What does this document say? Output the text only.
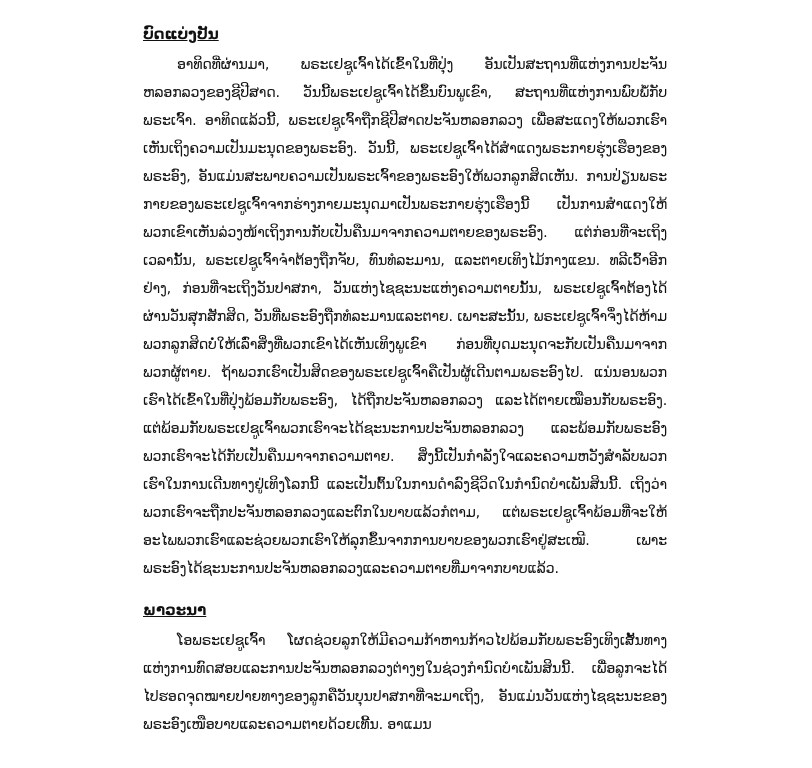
ບົດແບ່ງປັນ

ອາທິດທີ່ຜ່ານມາ, ພຣະເຢຊູເຈົ້າໄດ້ເຂົ້າໃນທີ່ປຸ່ງ ອັນເປັນສະຖານທີ່ແຫ່ງການປະຈັນຫລອກລວງຂອງຊີປີສາດ. ວັນນີ້ພຣະເຢຊູເຈົ້າໄດ້ຂຶ້ນບົນພູເຂົາ, ສະຖານທີ່ແຫ່ງການພົບພໍ້ກັບພຣະເຈົ້າ. ອາທິດແລ້ວນີ້, ພຣະເຢຊູເຈົ້າຖືກຊີປີສາດປະຈັນຫລອກລວງ ເພື່ອສະແດງໃຫ້ພວກເຮົາເຫັນເຖິງຄວາມເປັນມະນຸດຂອງພຣະອົງ. ວັນນີ້, ພຣະເຢຊູເຈົ້າໄດ້ສຳແດງພຣະກາຍຮຸ່ງເຮືອງຂອງພຣະອົງ, ອັນແມ່ນສະພາບຄວາມເປັນພຣະເຈົ້າຂອງພຣະອົງໃຫ້ພວກລູກສິດເຫັນ. ການປ່ຽນພຣະກາຍຂອງພຣະເຢຊູເຈົ້າຈາກຮ່າງກາຍມະນຸດມາເປັນພຣະກາຍຮຸ່ງເຮືອງນີ້ ເປັນການສຳແດງໃຫ້ພວກເຂົາເຫັນລ່ວງໜ້າເຖິງການກັບເປັນຄືນມາຈາກຄວາມຕາຍຂອງພຣະອົງ. ແຕ່ກ່ອນທີ່ຈະເຖິງເວລານັ້ນ, ພຣະເຢຊູເຈົ້າຈຳຕ້ອງຖືກຈັບ, ທົນທໍລະມານ, ແລະຕາຍເທິງໄມ້ກາງແຂນ. ທລີເວົ້າອີກຢ່າງ, ກ່ອນທີ່ຈະເຖິງວັນປາສກາ, ວັນແຫ່ງໄຊຊະນະແຫ່ງຄວາມຕາຍນັ້ນ, ພຣະເຢຊູເຈົ້າຕ້ອງໄດ້ຜ່ານວັນສຸກສັກສິດ, ວັນທີ່ພຣະອົງຖືກທໍລະມານແລະຕາຍ. ເພາະສະນັ້ນ, ພຣະເຢຊູເຈົ້າຈຶ່ງໄດ້ຫ້າມພວກລູກສິດບໍ່ໃຫ້ເລົ່າສິ່ງທີ່ພວກເຂົາໄດ້ເຫັນເທິງພູເຂົາ ກ່ອນທີ່ບຸດມະນຸດຈະກັບເປັນຄືນມາຈາກພວກຜູ້ຕາຍ. ຖ້າພວກເຮົາເປັນສິດຂອງພຣະເຢຊູເຈົ້າຄືເປັນຜູ້ເດີນຕາມພຣະອົງໄປ. ແນ່ນອນພວກເຮົາໄດ້ເຂົ້າໃນທີ່ປຸ່ງພ້ອມກັບພຣະອົງ, ໄດ້ຖືກປະຈັນຫລອກລວງ ແລະໄດ້ຕາຍເໝືອນກັບພຣະອົງ. ແຕ່ພ້ອມກັບພຣະເຢຊູເຈົ້າພວກເຮົາຈະໄດ້ຊະນະການປະຈັນຫລອກລວງ ແລະພ້ອມກັບພຣະອົງພວກເຮົາຈະໄດ້ກັບເປັນຄືນມາຈາກຄວາມຕາຍ. ສິ່ງນີ້ເປັນກຳລັງໃຈແລະຄວາມຫວັງສຳລັບພວກເຮົາໃນການເດີນທາງຢູ່ເທິງໂລກນີ້ ແລະເປັນຕົ້ນໃນການດຳລົງຊີວິດໃນກຳນົດບຳເພັນສິນນີ້. ເຖິງວ່າພວກເຮົາຈະຖືກປະຈັນຫລອກລວງແລະຕົກໃນບາບແລ້ວກໍຕາມ, ແຕ່ພຣະເຢຊູເຈົ້າພ້ອມທີ່ຈະໃຫ້ອະໄພພວກເຮົາແລະຊ່ວຍພວກເຮົາໃຫ້ລຸກຂຶ້ນຈາກການບາບຂອງພວກເຮົາຢູ່ສະເໝີ. ເພາະພຣະອົງໄດ້ຊະນະການປະຈັນຫລອກລວງແລະຄວາມຕາຍທີ່ມາຈາກບາບແລ້ວ.

ພາວະນາ

ໂອພຣະເຢຊູເຈົ້າ ໂຜດຊ່ວຍລູກໃຫ້ມີຄວາມກ້າຫານກ້າວໄປພ້ອມກັບພຣະອົງເທິງເສັ້ນທາງແຫ່ງການທົດສອບແລະການປະຈັນຫລອກລວງຕ່າງໆໃນຊ່ວງກຳນົດບຳເພັນສິນນີ້. ເພື່ອລູກຈະໄດ້ໄປຮອດຈຸດໝາຍປາຍທາງຂອງລູກຄືວັນບຸນປາສກາທີ່ຈະມາເຖິງ, ອັນແມ່ນວັນແຫ່ງໄຊຊະນະຂອງພຣະອົງເໜືອບາບແລະຄວາມຕາຍດ້ວຍເທີ້ນ. ອາແມນ
